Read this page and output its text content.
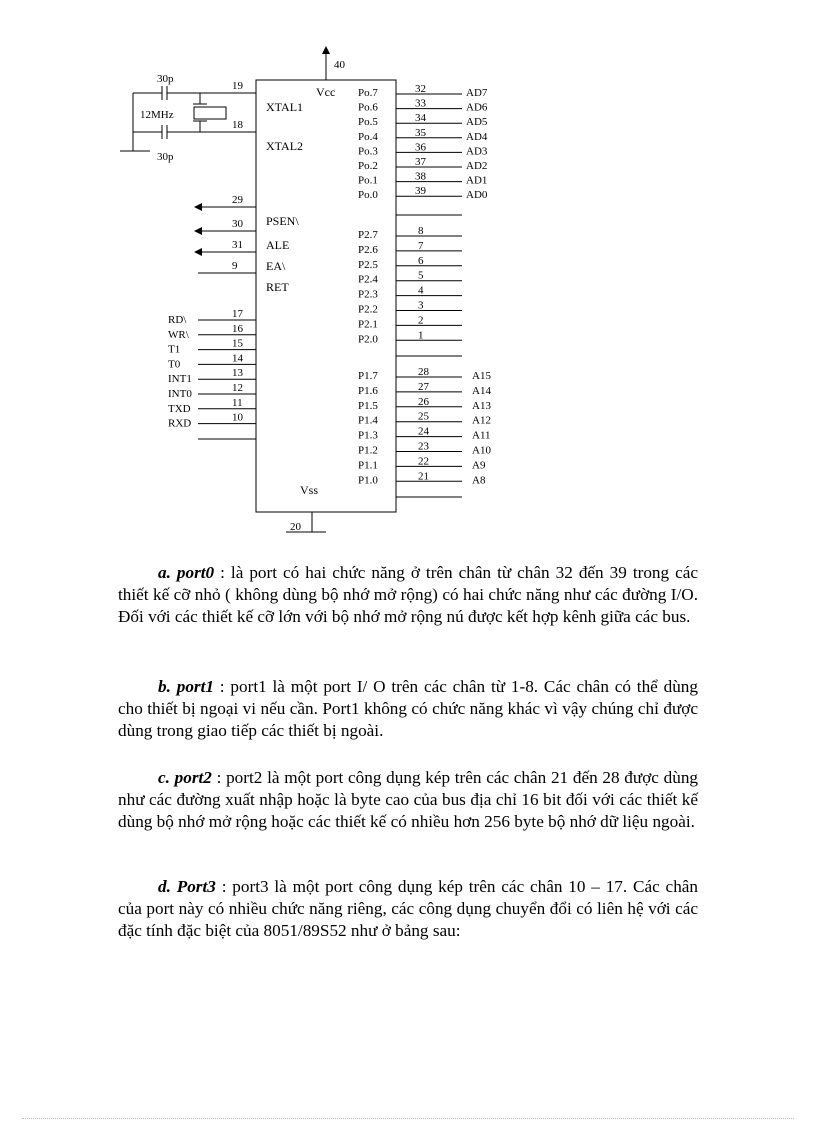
Vcc
40
Vss
20
30p
30p
12MHz
19
XTAL1
18
XTAL2
29
PSEN\
30
ALE
31
EA\
9
RET
17
RD\
16
WR\
15
T1
14
T0
13
INT1
12
INT0
11
TXD
10
RXD
Po.7	32	AD7
Po.6	33	AD6
Po.5	34	AD5
Po.4	35	AD4
Po.3	36	AD3
Po.2	37	AD2
Po.1	38	AD1
Po.0	39	AD0
P2.7	8
P2.6	7
P2.5	6
P2.4	5
P2.3	4
P2.2	3
P2.1	2
P2.0	1
P1.7	28	A15
P1.6	27	A14
P1.5	26	A13
P1.4	25	A12
P1.3	24	A11
P1.2	23	A10
P1.1	22	A9
P1.0	21	A8

a. port0 : là port có hai chức năng ở trên chân từ chân 32 đến 39 trong các thiết kế cỡ nhỏ ( không dùng bộ nhớ mở rộng) có hai chức năng như các đường I/O. Đối với các thiết kế cỡ lớn với bộ nhớ mở rộng nú được kết hợp kênh giữa các bus.

b. port1 : port1 là một port I/ O trên các chân từ 1-8. Các chân có thể dùng cho thiết bị ngoại vi nếu cần. Port1 không có chức năng khác vì vậy chúng chỉ được dùng trong giao tiếp các thiết bị ngoài.

c. port2 : port2 là một port công dụng kép trên các chân 21 đến 28 được dùng như các đường xuất nhập hoặc là byte cao của bus địa chỉ 16 bit đối với các thiết kế dùng bộ nhớ mở rộng hoặc các thiết kế có nhiều hơn 256 byte bộ nhớ dữ liệu ngoài.

d. Port3 : port3 là một port công dụng kép trên các chân 10 – 17. Các chân của port này có nhiều chức năng riêng, các công dụng chuyển đổi có liên hệ với các đặc tính đặc biệt của 8051/89S52 như ở bảng sau:
